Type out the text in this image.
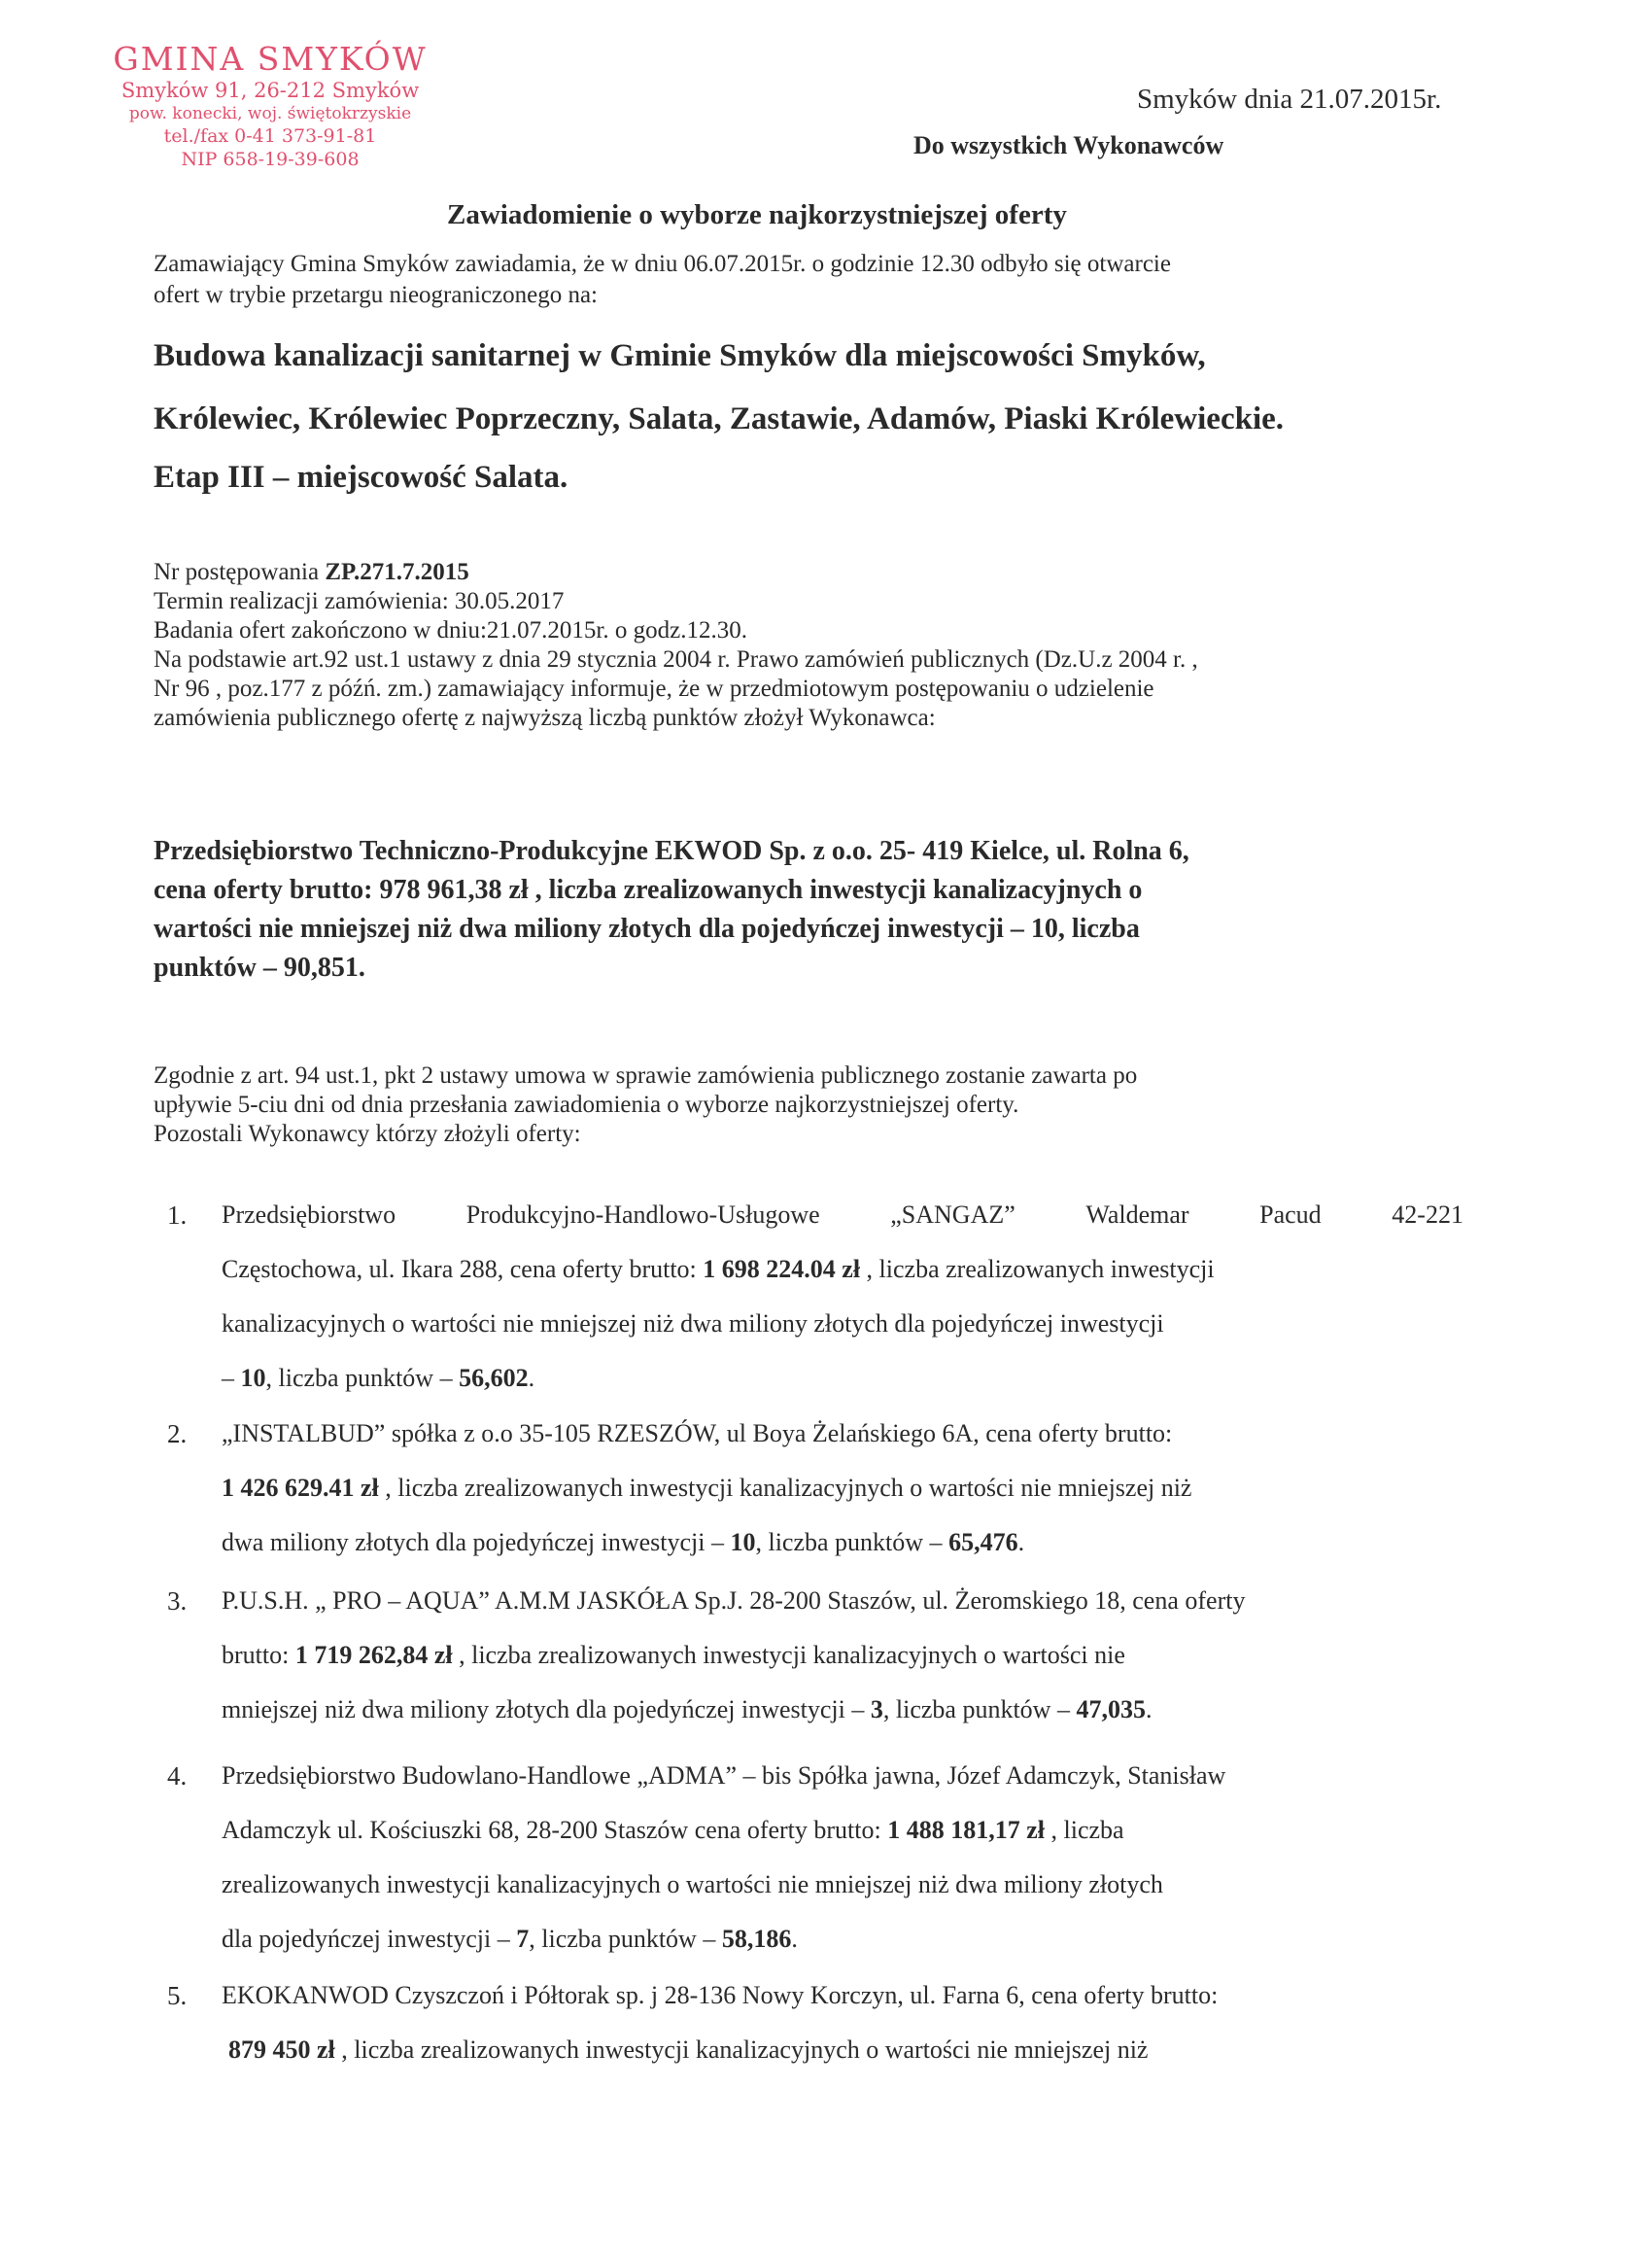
GMINA SMYKÓW
Smyków 91, 26-212 Smyków
pow. konecki, woj. świętokrzyskie
tel./fax 0-41 373-91-81
NIP 658-19-39-608
Smyków dnia 21.07.2015r.
Do wszystkich Wykonawców
Zawiadomienie o wyborze najkorzystniejszej oferty
Zamawiający Gmina Smyków zawiadamia, że w dniu 06.07.2015r. o godzinie 12.30 odbyło się otwarcie
ofert w trybie przetargu nieograniczonego na:
Budowa kanalizacji sanitarnej w Gminie Smyków dla miejscowości Smyków,
Królewiec, Królewiec Poprzeczny, Salata, Zastawie, Adamów, Piaski Królewieckie.
Etap III – miejscowość Salata.
Nr postępowania ZP.271.7.2015
Termin realizacji zamówienia: 30.05.2017
Badania ofert zakończono w dniu:21.07.2015r. o godz.12.30.
Na podstawie art.92 ust.1 ustawy z dnia 29 stycznia 2004 r. Prawo zamówień publicznych (Dz.U.z 2004 r. ,
Nr 96 , poz.177 z późń. zm.) zamawiający informuje, że w przedmiotowym postępowaniu o udzielenie
zamówienia publicznego ofertę z najwyższą liczbą punktów złożył Wykonawca:
Przedsiębiorstwo Techniczno-Produkcyjne EKWOD Sp. z o.o. 25- 419 Kielce, ul. Rolna 6,
cena oferty brutto: 978 961,38 zł , liczba zrealizowanych inwestycji kanalizacyjnych o
wartości nie mniejszej niż dwa miliony złotych dla pojedyńczej inwestycji – 10, liczba
punktów – 90,851.
Zgodnie z art. 94 ust.1, pkt 2 ustawy umowa w sprawie zamówienia publicznego zostanie zawarta po
upływie 5-ciu dni od dnia przesłania zawiadomienia o wyborze najkorzystniejszej oferty.
Pozostali Wykonawcy którzy złożyli oferty:
1. Przedsiębiorstwo	Produkcyjno-Handlowo-Usługowe	„SANGAZ”	Waldemar	Pacud	42-221
Częstochowa, ul. Ikara 288, cena oferty brutto: 1 698 224.04 zł , liczba zrealizowanych inwestycji
kanalizacyjnych o wartości nie mniejszej niż dwa miliony złotych dla pojedyńczej inwestycji
– 10, liczba punktów – 56,602.
2. „INSTALBUD” spółka z o.o 35-105 RZESZÓW, ul Boya Żelańskiego 6A, cena oferty brutto:
1 426 629.41 zł , liczba zrealizowanych inwestycji kanalizacyjnych o wartości nie mniejszej niż
dwa miliony złotych dla pojedyńczej inwestycji – 10, liczba punktów – 65,476.
3. P.U.S.H. „ PRO – AQUA” A.M.M JASKÓŁA Sp.J. 28-200 Staszów, ul. Żeromskiego 18, cena oferty
brutto: 1 719 262,84 zł , liczba zrealizowanych inwestycji kanalizacyjnych o wartości nie
mniejszej niż dwa miliony złotych dla pojedyńczej inwestycji – 3, liczba punktów – 47,035.
4. Przedsiębiorstwo Budowlano-Handlowe „ADMA” – bis Spółka jawna, Józef Adamczyk, Stanisław
Adamczyk ul. Kościuszki 68, 28-200 Staszów cena oferty brutto: 1 488 181,17 zł , liczba
zrealizowanych inwestycji kanalizacyjnych o wartości nie mniejszej niż dwa miliony złotych
dla pojedyńczej inwestycji – 7, liczba punktów – 58,186.
5. EKOKANWOD Czyszczoń i Półtorak sp. j 28-136 Nowy Korczyn, ul. Farna 6, cena oferty brutto:
879 450 zł , liczba zrealizowanych inwestycji kanalizacyjnych o wartości nie mniejszej niż
